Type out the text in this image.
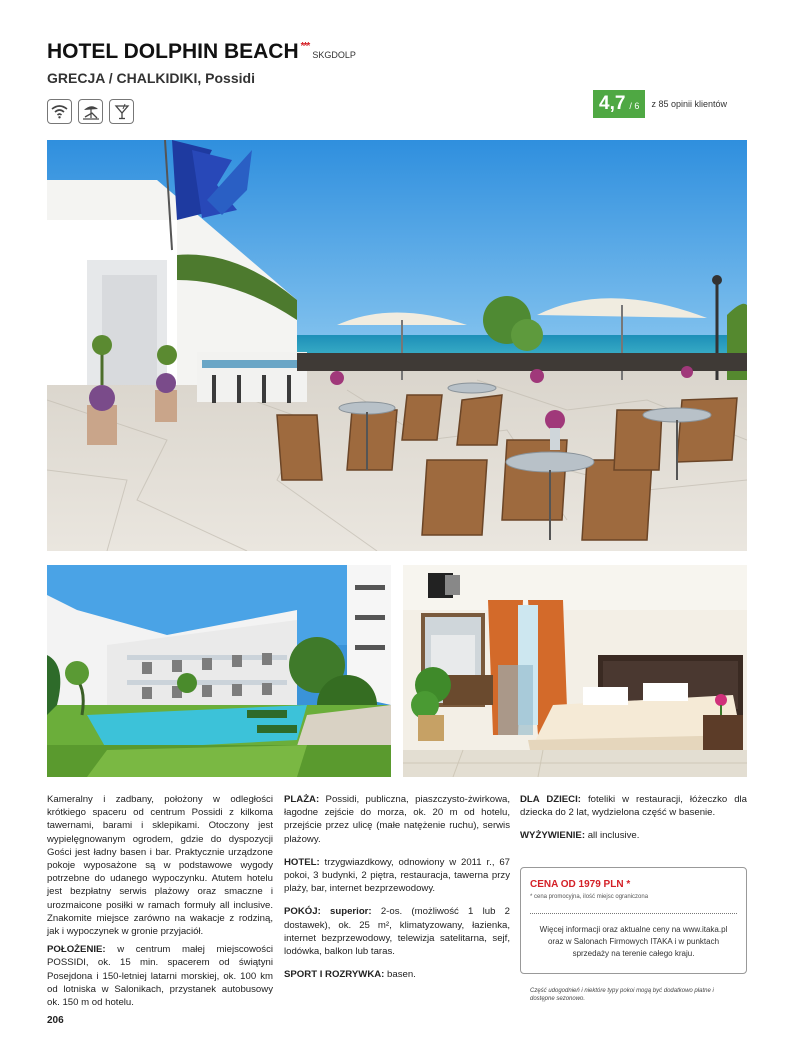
HOTEL DOLPHIN BEACH ***SKGDOLP
GRECJA / CHALKIDIKI, Possidi
4,7 / 6 z 85 opinii klientów

Kameralny i zadbany, położony w odległości krótkiego spaceru od centrum Possidi z kilkoma tawernami, barami i sklepikami. Otoczony jest wypielęgnowanym ogrodem, gdzie do dyspozycji Gości jest ładny basen i bar. Praktycznie urządzone pokoje wyposażone są w podstawowe wygody potrzebne do udanego wypoczynku. Atutem hotelu jest bezpłatny serwis plażowy oraz smaczne i urozmaicone posiłki w ramach formuły all inclusive. Znakomite miejsce zarówno na wakacje z rodziną, jak i wypoczynek w gronie przyjaciół.

POŁOŻENIE: w centrum małej miejscowości POSSIDI, ok. 15 min. spacerem od świątyni Posejdona i 150-letniej latarni morskiej, ok. 100 km od lotniska w Salonikach, przystanek autobusowy ok. 150 m od hotelu.

PLAŻA: Possidi, publiczna, piaszczysto-żwirkowa, łagodne zejście do morza, ok. 20 m od hotelu, przejście przez ulicę (małe natężenie ruchu), serwis plażowy.

HOTEL: trzygwiazdkowy, odnowiony w 2011 r., 67 pokoi, 3 budynki, 2 piętra, restauracja, tawerna przy plaży, bar, internet bezprzewodowy.

POKÓJ: superior: 2-os. (możliwość 1 lub 2 dostawek), ok. 25 m², klimatyzowany, łazienka, internet bezprzewodowy, telewizja satelitarna, sejf, lodówka, balkon lub taras.

SPORT I ROZRYWKA: basen.

DLA DZIECI: foteliki w restauracji, łóżeczko dla dziecka do 2 lat, wydzielona część w basenie.

WYŻYWIENIE: all inclusive.

CENA OD 1979 PLN *
* cena promocyjna, ilość miejsc ograniczona
Więcej informacji oraz aktualne ceny na www.itaka.pl oraz w Salonach Firmowych ITAKA i w punktach sprzedaży na terenie całego kraju.
Część udogodnień i niektóre typy pokoi mogą być dodatkowo płatne i dostępne sezonowo.
206
